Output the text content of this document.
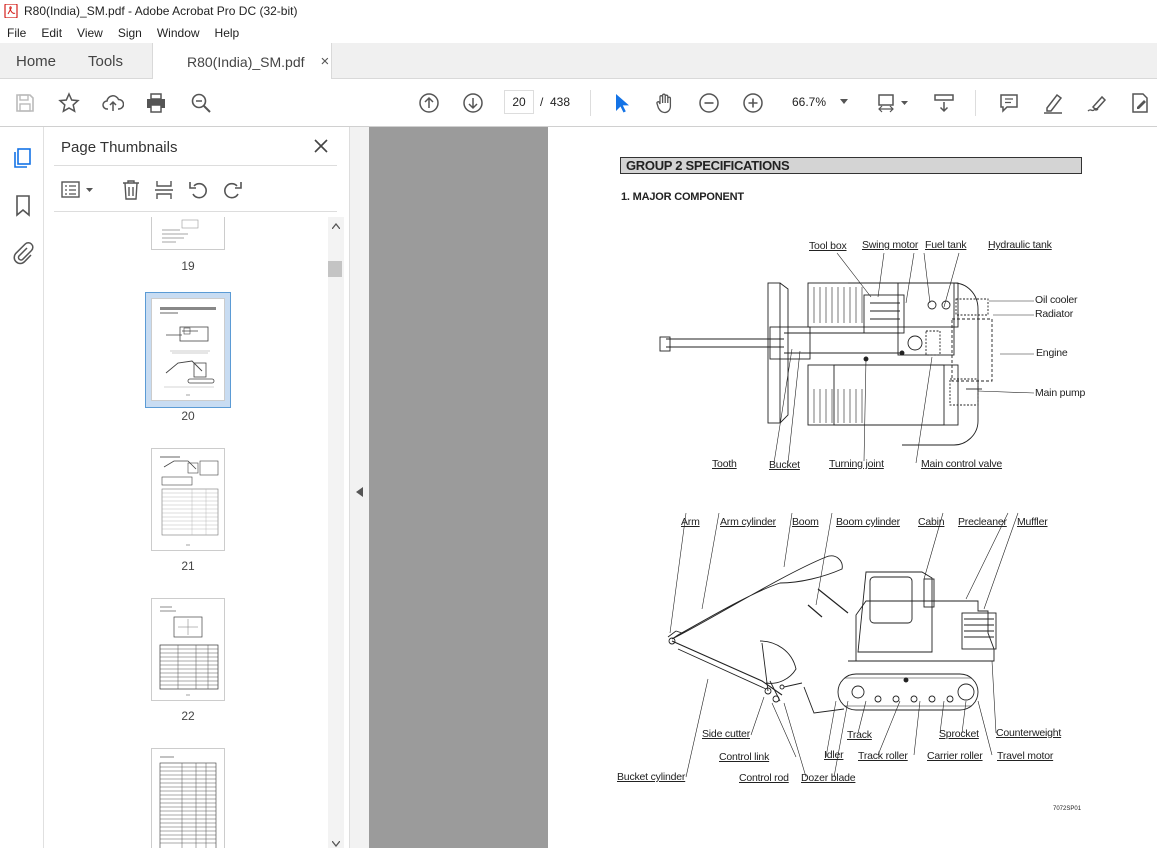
R80(India)_SM.pdf - Adobe Acrobat Pro DC (32-bit)
File	Edit	View	Sign	Window	Help
Home Tools	R80(India)_SM.pdf ×
20	/ 438	66.7%
Page Thumbnails
19
20
21
22
GROUP 2 SPECIFICATIONS
1. MAJOR COMPONENT
Tool box Swing motor Fuel tank Hydraulic tank
Oil cooler
Radiator
Engine
Main pump
Tooth	Bucket	Turning joint	Main control valve
Arm Arm cylinder Boom Boom cylinder Cabin Precleaner Muffler
Side cutter
Control link
Control rod
Bucket cylinder
Idler
Dozer blade
Track
Track roller Carrier roller
Sprocket Counterweight
Travel motor
7072SP01
